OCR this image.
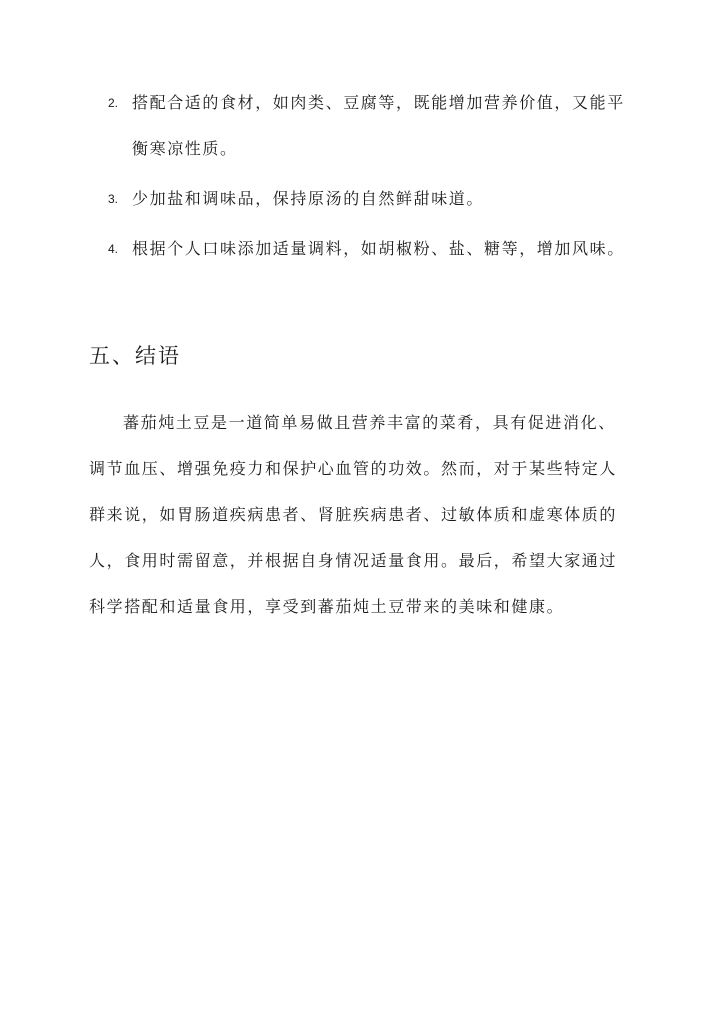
2. 搭配合适的食材，如肉类、豆腐等，既能增加营养价值，又能平衡寒凉性质。
3. 少加盐和调味品，保持原汤的自然鲜甜味道。
4. 根据个人口味添加适量调料，如胡椒粉、盐、糖等，增加风味。
五、结语

蕃茄炖土豆是一道简单易做且营养丰富的菜肴，具有促进消化、调节血压、增强免疫力和保护心血管的功效。然而，对于某些特定人群来说，如胃肠道疾病患者、肾脏疾病患者、过敏体质和虚寒体质的人，食用时需留意，并根据自身情况适量食用。最后，希望大家通过科学搭配和适量食用，享受到蕃茄炖土豆带来的美味和健康。
